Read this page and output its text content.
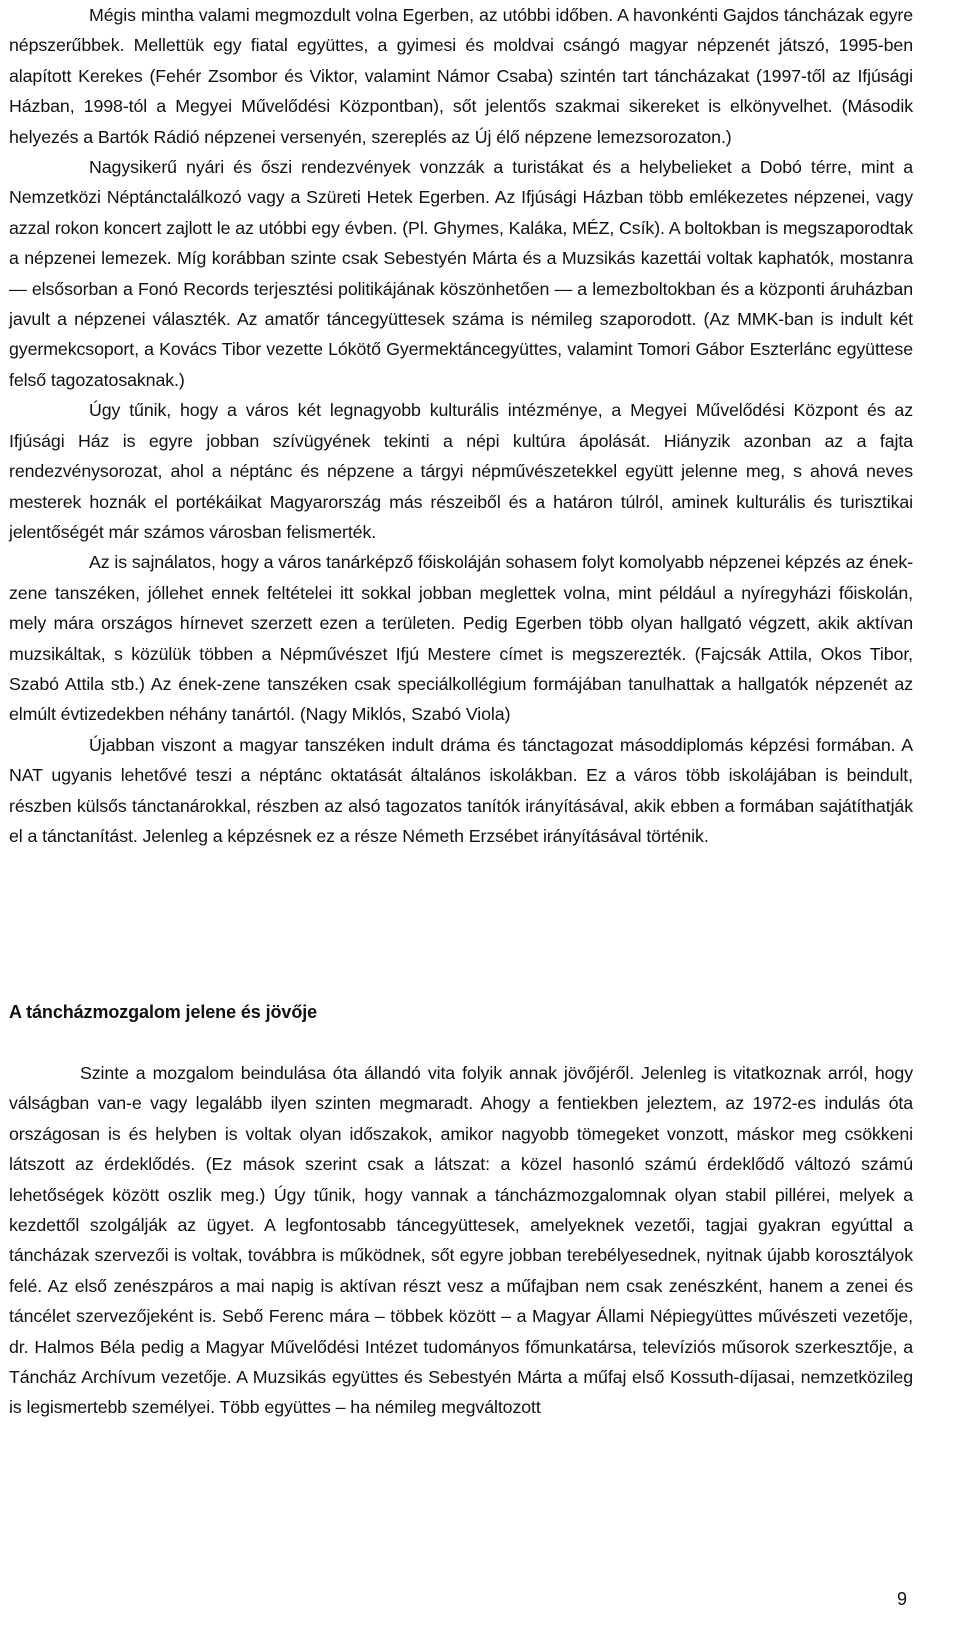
Mégis mintha valami megmozdult volna Egerben, az utóbbi időben. A havonkénti Gajdos táncházak egyre népszerűbbek. Mellettük egy fiatal együttes, a gyimesi és moldvai csángó magyar népzenét játszó, 1995-ben alapított Kerekes (Fehér Zsombor és Viktor, valamint Námor Csaba) szintén tart táncházakat (1997-től az Ifjúsági Házban, 1998-tól a Megyei Művelődési Központban), sőt jelentős szakmai sikereket is elkönyvelhet. (Második helyezés a Bartók Rádió népzenei versenyén, szereplés az Új élő népzene lemezsorozaton.)

Nagysikerű nyári és őszi rendezvények vonzzák a turistákat és a helybelieket a Dobó térre, mint a Nemzetközi Néptánctalálkozó vagy a Szüreti Hetek Egerben. Az Ifjúsági Házban több emlékezetes népzenei, vagy azzal rokon koncert zajlott le az utóbbi egy évben. (Pl. Ghymes, Kaláka, MÉZ, Csík). A boltokban is megszaporodtak a népzenei lemezek. Míg korábban szinte csak Sebestyén Márta és a Muzsikás kazettái voltak kaphatók, mostanra — elsősorban a Fonó Records terjesztési politikájának köszönhetően — a lemezboltokban és a központi áruházban javult a népzenei választék. Az amatőr táncegyüttesek száma is némileg szaporodott. (Az MMK-ban is indult két gyermekcsoport, a Kovács Tibor vezette Lókötő Gyermektáncegyüttes, valamint Tomori Gábor Eszterlánc együttese felső tagozatosaknak.)

Úgy tűnik, hogy a város két legnagyobb kulturális intézménye, a Megyei Művelődési Központ és az Ifjúsági Ház is egyre jobban szívügyének tekinti a népi kultúra ápolását. Hiányzik azonban az a fajta rendezvénysorozat, ahol a néptánc és népzene a tárgyi népművészetekkel együtt jelenne meg, s ahová neves mesterek hoznák el portékáikat Magyarország más részeiből és a határon túlról, aminek kulturális és turisztikai jelentőségét már számos városban felismerték.

Az is sajnálatos, hogy a város tanárképző főiskoláján sohasem folyt komolyabb népzenei képzés az ének-zene tanszéken, jóllehet ennek feltételei itt sokkal jobban meglettek volna, mint például a nyíregyházi főiskolán, mely mára országos hírnevet szerzett ezen a területen. Pedig Egerben több olyan hallgató végzett, akik aktívan muzsikáltak, s közülük többen a Népművészet Ifjú Mestere címet is megszerezték. (Fajcsák Attila, Okos Tibor, Szabó Attila stb.) Az ének-zene tanszéken csak speciálkollégium formájában tanulhattak a hallgatók népzenét az elmúlt évtizedekben néhány tanártól. (Nagy Miklós, Szabó Viola)

Újabban viszont a magyar tanszéken indult dráma és tánctagozat másoddiplomás képzési formában. A NAT ugyanis lehetővé teszi a néptánc oktatását általános iskolákban. Ez a város több iskolájában is beindult, részben külsős tánctanárokkal, részben az alsó tagozatos tanítók irányításával, akik ebben a formában sajátíthatják el a tánctanítást. Jelenleg a képzésnek ez a része Németh Erzsébet irányításával történik.

A táncházmozgalom jelene és jövője

Szinte a mozgalom beindulása óta állandó vita folyik annak jövőjéről. Jelenleg is vitatkoznak arról, hogy válságban van-e vagy legalább ilyen szinten megmaradt. Ahogy a fentiekben jeleztem, az 1972-es indulás óta országosan is és helyben is voltak olyan időszakok, amikor nagyobb tömegeket vonzott, máskor meg csökkeni látszott az érdeklődés. (Ez mások szerint csak a látszat: a közel hasonló számú érdeklődő változó számú lehetőségek között oszlik meg.) Úgy tűnik, hogy vannak a táncházmozgalomnak olyan stabil pillérei, melyek a kezdettől szolgálják az ügyet. A legfontosabb táncegyüttesek, amelyeknek vezetői, tagjai gyakran egyúttal a táncházak szervezői is voltak, továbbra is működnek, sőt egyre jobban terebélyesednek, nyitnak újabb korosztályok felé. Az első zenészpáros a mai napig is aktívan részt vesz a műfajban nem csak zenészként, hanem a zenei és táncélet szervezőjeként is. Sebő Ferenc mára – többek között – a Magyar Állami Népiegyüttes művészeti vezetője, dr. Halmos Béla pedig a Magyar Művelődési Intézet tudományos főmunkatársa, televíziós műsorok szerkesztője, a Táncház Archívum vezetője. A Muzsikás együttes és Sebestyén Márta a műfaj első Kossuth-díjasai, nemzetközileg is legismertebb személyei. Több együttes – ha némileg megváltozott

9
